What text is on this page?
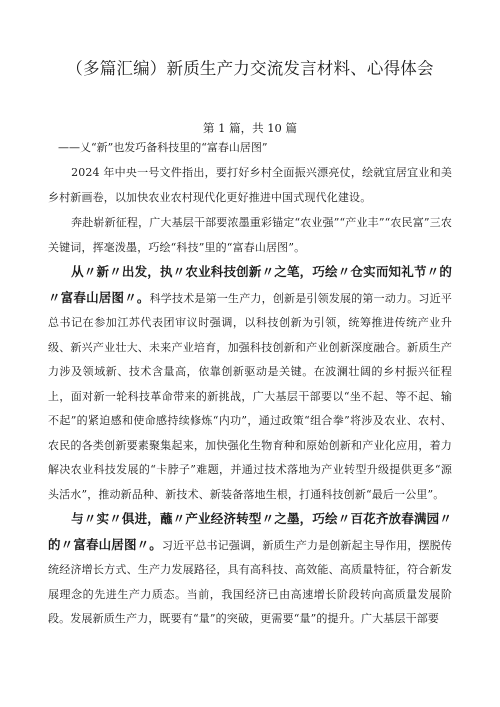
（多篇汇编）新质生产力交流发言材料、心得体会
第 1 篇，共 10 篇
——乂“新”也发巧备科技里的“富春山居图”

2024 年中央一号文件指出，要打好乡村全面振兴漂亮仗，绘就宜居宜业和美乡村新画卷，以加快农业农村现代化更好推进中国式现代化建设。

奔赴崭新征程，广大基层干部要浓墨重彩锚定“农业强”“产业丰”“农民富”三农关键词，挥毫泼墨，巧绘“科技”里的“富春山居图”。

从〃新〃出发，执〃农业科技创新〃之笔，巧绘〃仓实而知礼节〃的〃富春山居图〃。科学技术是第一生产力，创新是引领发展的第一动力。习近平总书记在参加江苏代表团审议时强调，以科技创新为引领，统筹推进传统产业升级、新兴产业壮大、未来产业培育，加强科技创新和产业创新深度融合。新质生产力涉及领域新、技术含量高，依靠创新驱动是关键。在波澜壮阔的乡村振兴征程上，面对新一轮科技革命带来的新挑战，广大基层干部要以“坐不起、等不起、输不起”的紧迫感和使命感持续修炼“内功”，通过政策“组合拳”将涉及农业、农村、农民的各类创新要素聚集起来，加快强化生物育种和原始创新和产业化应用，着力解决农业科技发展的“卡脖子”难题，并通过技术落地为产业转型升级提供更多“源头活水”，推动新品种、新技术、新装备落地生根，打通科技创新“最后一公里”。

与〃实〃俱进，蘸〃产业经济转型〃之墨，巧绘〃百花齐放春满园〃的〃富春山居图〃。习近平总书记强调，新质生产力是创新起主导作用，摆脱传统经济增长方式、生产力发展路径，具有高科技、高效能、高质量特征，符合新发展理念的先进生产力质态。当前，我国经济已由高速增长阶段转向高质量发展阶段。发展新质生产力，既要有“量”的突破，更需要“量”的提升。广大基层干部要
